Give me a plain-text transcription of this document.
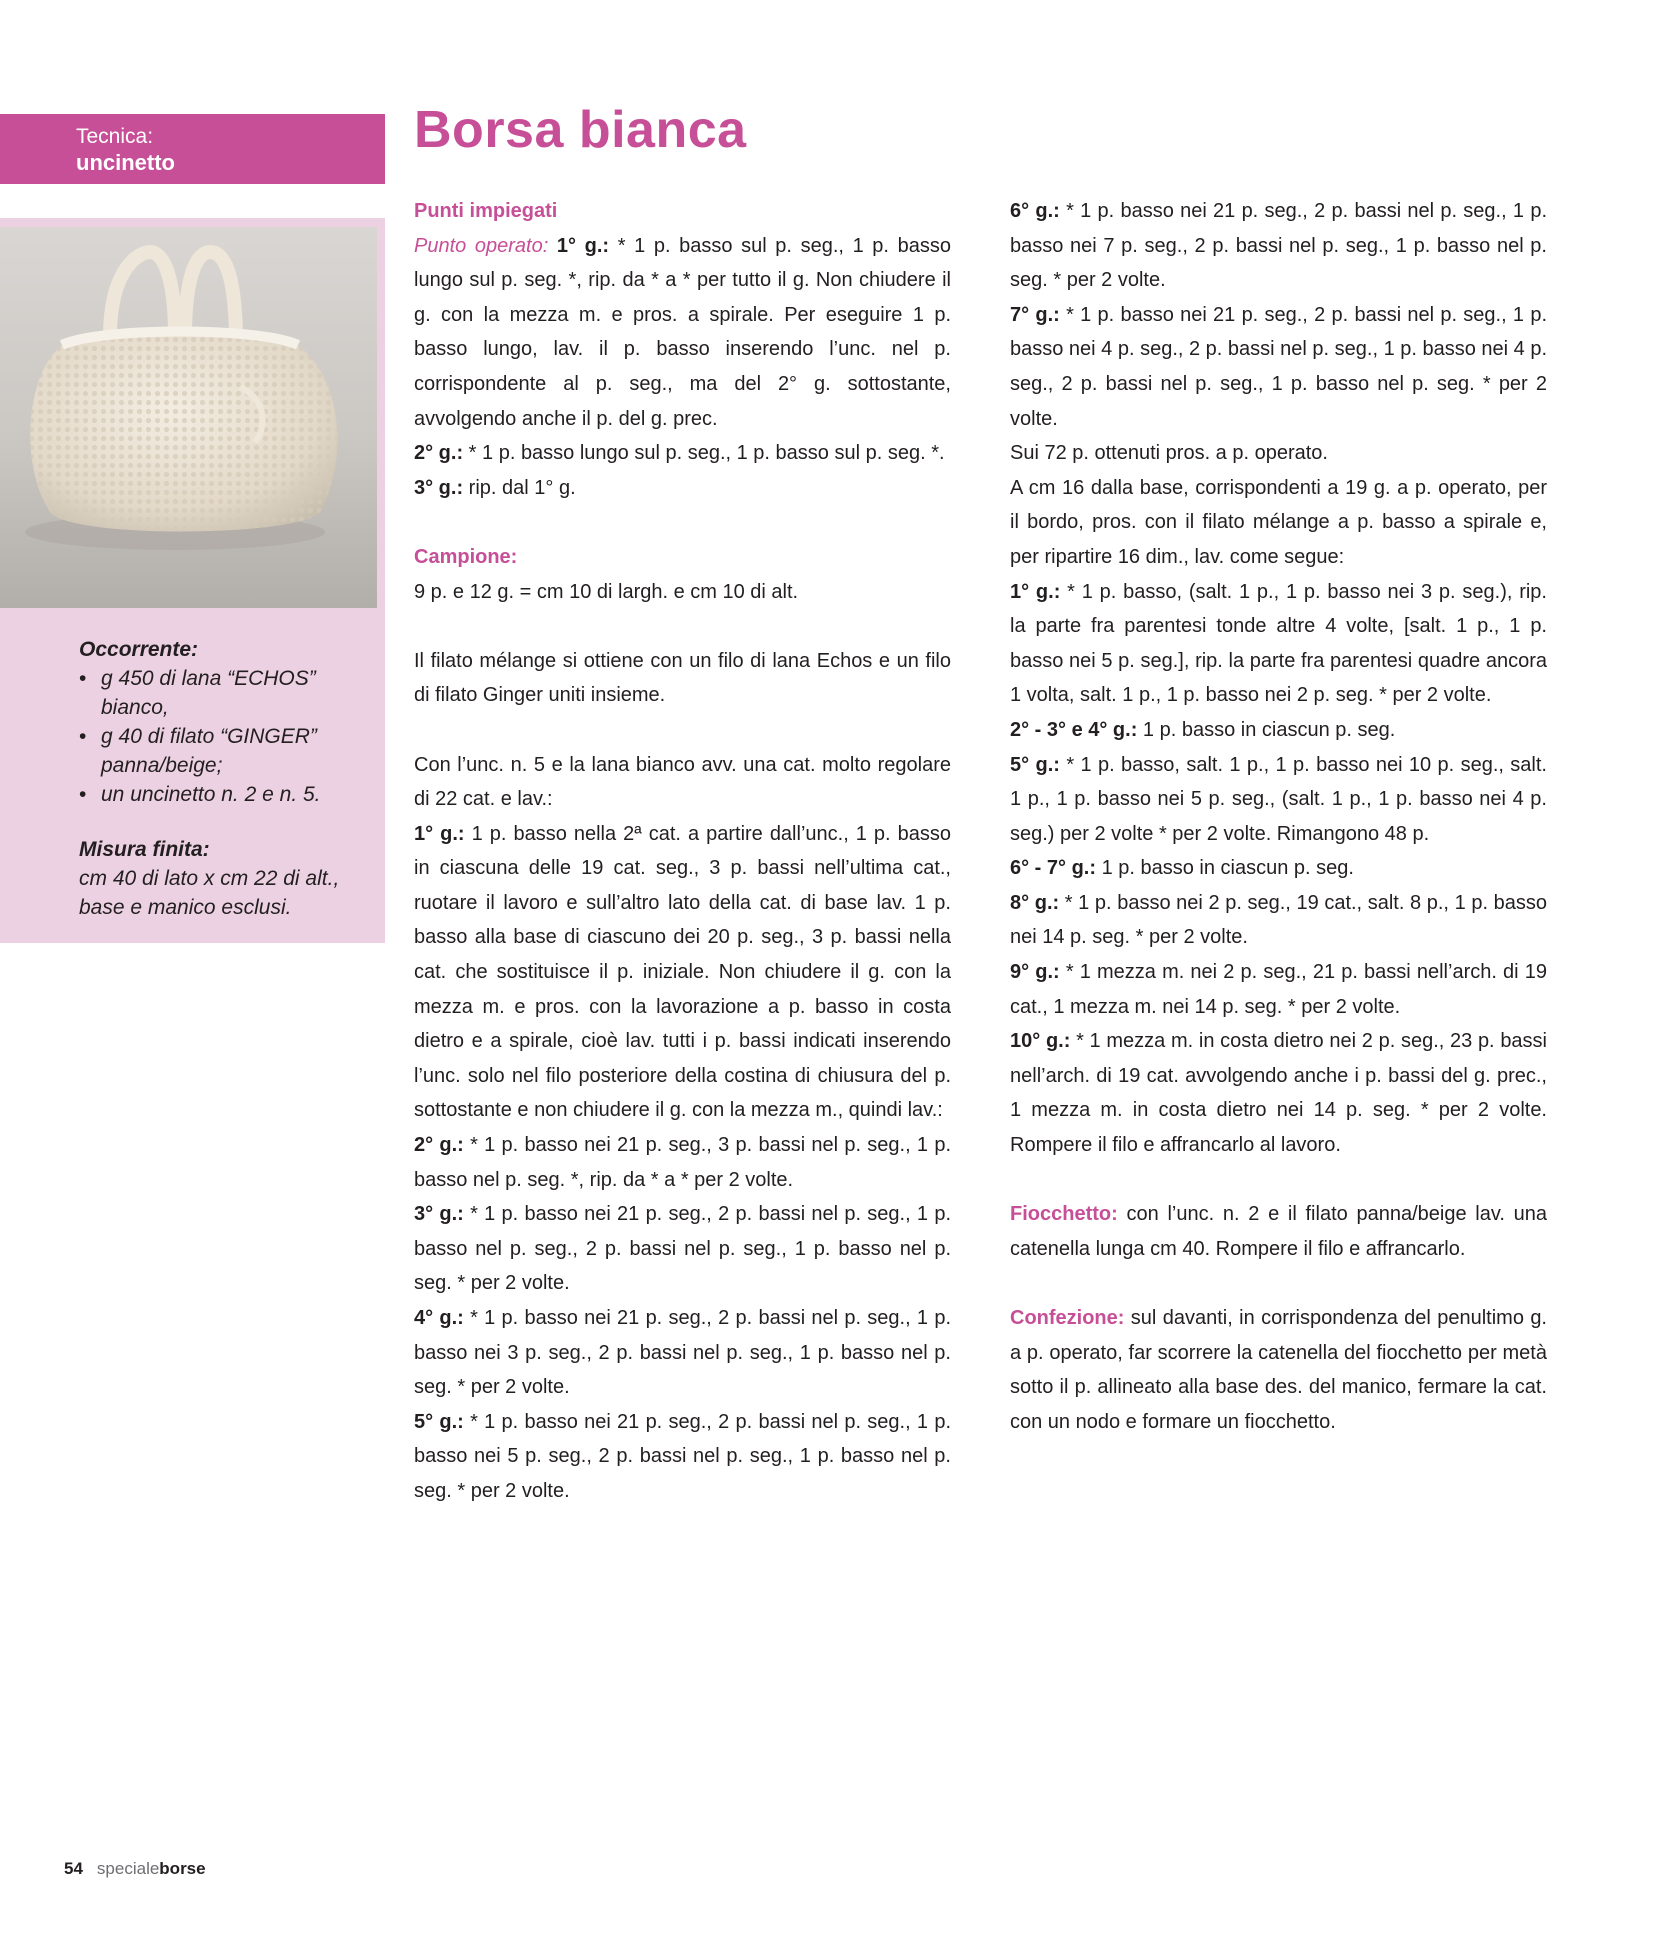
Tecnica:
uncinetto
Occorrente:
• g 450 di lana “ECHOS” bianco,
• g 40 di filato “GINGER” panna/beige;
• un uncinetto n. 2 e n. 5.
Misura finita:
cm 40 di lato x cm 22 di alt., base e manico esclusi.
Borsa bianca

Punti impiegati

Punto operato: 1° g.: * 1 p. basso sul p. seg., 1 p. basso lungo sul p. seg. *, rip. da * a * per tutto il g. Non chiudere il g. con la mezza m. e pros. a spirale. Per eseguire 1 p. basso lungo, lav. il p. basso inserendo l’unc. nel p. corrispondente al p. seg., ma del 2° g. sottostante, avvolgendo anche il p. del g. prec.

2° g.: * 1 p. basso lungo sul p. seg., 1 p. basso sul p. seg. *.

3° g.: rip. dal 1° g.

Campione:

9 p. e 12 g. = cm 10 di largh. e cm 10 di alt.

Il filato mélange si ottiene con un filo di lana Echos e un filo di filato Ginger uniti insieme.

Con l’unc. n. 5 e la lana bianco avv. una cat. molto regolare di 22 cat. e lav.:

1° g.: 1 p. basso nella 2ª cat. a partire dall’unc., 1 p. basso in ciascuna delle 19 cat. seg., 3 p. bassi nell’ultima cat., ruotare il lavoro e sull’altro lato della cat. di base lav. 1 p. basso alla base di ciascuno dei 20 p. seg., 3 p. bassi nella cat. che sostituisce il p. iniziale. Non chiudere il g. con la mezza m. e pros. con la lavorazione a p. basso in costa dietro e a spirale, cioè lav. tutti i p. bassi indicati inserendo l’unc. solo nel filo posteriore della costina di chiusura del p. sottostante e non chiudere il g. con la mezza m., quindi lav.:

2° g.: * 1 p. basso nei 21 p. seg., 3 p. bassi nel p. seg., 1 p. basso nel p. seg. *, rip. da * a * per 2 volte.

3° g.: * 1 p. basso nei 21 p. seg., 2 p. bassi nel p. seg., 1 p. basso nel p. seg., 2 p. bassi nel p. seg., 1 p. basso nel p. seg. * per 2 volte.

4° g.: * 1 p. basso nei 21 p. seg., 2 p. bassi nel p. seg., 1 p. basso nei 3 p. seg., 2 p. bassi nel p. seg., 1 p. basso nel p. seg. * per 2 volte.

5° g.: * 1 p. basso nei 21 p. seg., 2 p. bassi nel p. seg., 1 p. basso nei 5 p. seg., 2 p. bassi nel p. seg., 1 p. basso nel p. seg. * per 2 volte.

6° g.: * 1 p. basso nei 21 p. seg., 2 p. bassi nel p. seg., 1 p. basso nei 7 p. seg., 2 p. bassi nel p. seg., 1 p. basso nel p. seg. * per 2 volte.

7° g.: * 1 p. basso nei 21 p. seg., 2 p. bassi nel p. seg., 1 p. basso nei 4 p. seg., 2 p. bassi nel p. seg., 1 p. basso nei 4 p. seg., 2 p. bassi nel p. seg., 1 p. basso nel p. seg. * per 2 volte.

Sui 72 p. ottenuti pros. a p. operato.

A cm 16 dalla base, corrispondenti a 19 g. a p. operato, per il bordo, pros. con il filato mélange a p. basso a spirale e, per ripartire 16 dim., lav. come segue:

1° g.: * 1 p. basso, (salt. 1 p., 1 p. basso nei 3 p. seg.), rip. la parte fra parentesi tonde altre 4 volte, [salt. 1 p., 1 p. basso nei 5 p. seg.], rip. la parte fra parentesi quadre ancora 1 volta, salt. 1 p., 1 p. basso nei 2 p. seg. * per 2 volte.

2° - 3° e 4° g.: 1 p. basso in ciascun p. seg.

5° g.: * 1 p. basso, salt. 1 p., 1 p. basso nei 10 p. seg., salt. 1 p., 1 p. basso nei 5 p. seg., (salt. 1 p., 1 p. basso nei 4 p. seg.) per 2 volte * per 2 volte. Rimangono 48 p.

6° - 7° g.: 1 p. basso in ciascun p. seg.

8° g.: * 1 p. basso nei 2 p. seg., 19 cat., salt. 8 p., 1 p. basso nei 14 p. seg. * per 2 volte.

9° g.: * 1 mezza m. nei 2 p. seg., 21 p. bassi nell’arch. di 19 cat., 1 mezza m. nei 14 p. seg. * per 2 volte.

10° g.: * 1 mezza m. in costa dietro nei 2 p. seg., 23 p. bassi nell’arch. di 19 cat. avvolgendo anche i p. bassi del g. prec., 1 mezza m. in costa dietro nei 14 p. seg. * per 2 volte. Rompere il filo e affrancarlo al lavoro.

Fiocchetto: con l’unc. n. 2 e il filato panna/beige lav. una catenella lunga cm 40. Rompere il filo e affrancarlo.

Confezione: sul davanti, in corrispondenza del penultimo g. a p. operato, far scorrere la catenella del fiocchetto per metà sotto il p. allineato alla base des. del manico, fermare la cat. con un nodo e formare un fiocchetto.

54 specialeborse
